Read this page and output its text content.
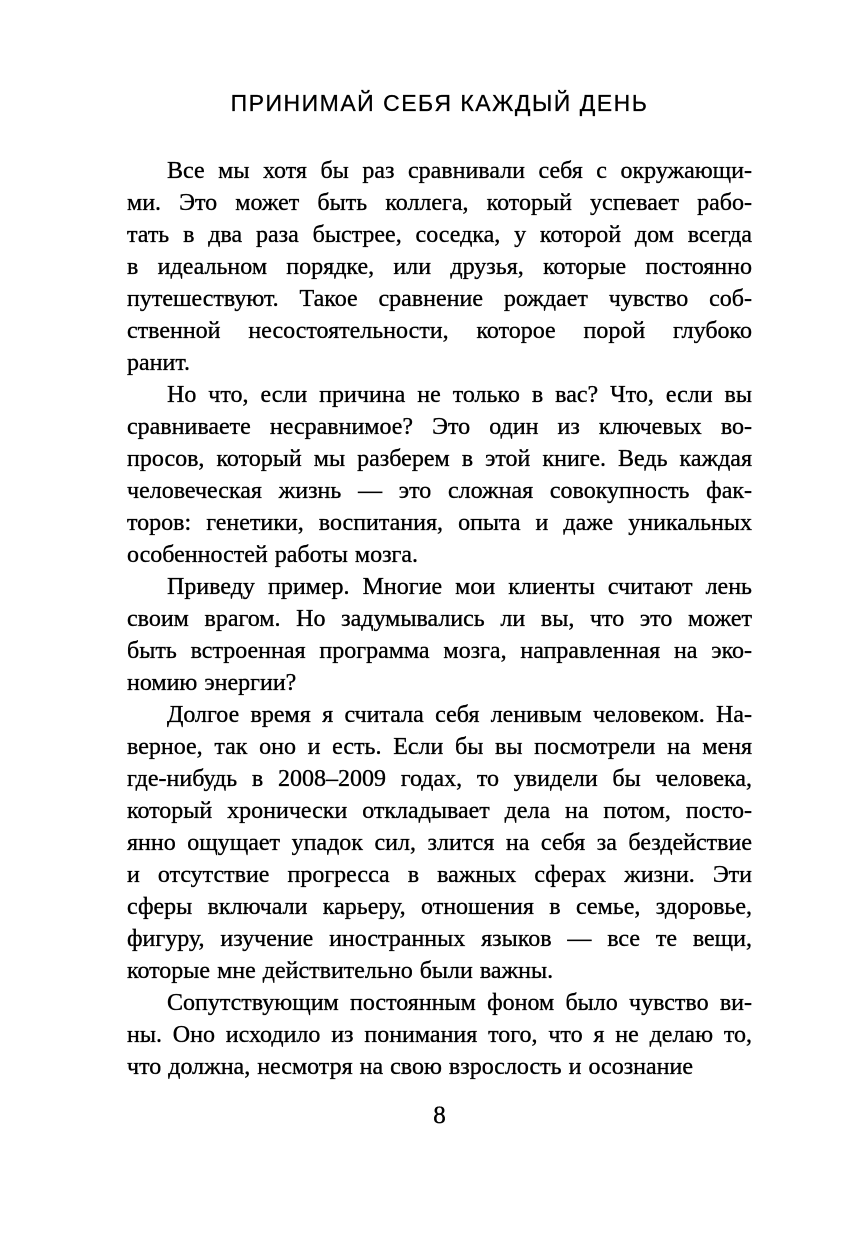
ПРИНИМАЙ СЕБЯ КАЖДЫЙ ДЕНЬ
Все мы хотя бы раз сравнивали себя с окружающи-
ми. Это может быть коллега, который успевает рабо-
тать в два раза быстрее, соседка, у которой дом всегда
в идеальном порядке, или друзья, которые постоянно
путешествуют. Такое сравнение рождает чувство соб-
ственной несостоятельности, которое порой глубоко
ранит.
Но что, если причина не только в вас? Что, если вы
сравниваете несравнимое? Это один из ключевых во-
просов, который мы разберем в этой книге. Ведь каждая
человеческая жизнь — это сложная совокупность фак-
торов: генетики, воспитания, опыта и даже уникальных
особенностей работы мозга.
Приведу пример. Многие мои клиенты считают лень
своим врагом. Но задумывались ли вы, что это может
быть встроенная программа мозга, направленная на эко-
номию энергии?
Долгое время я считала себя ленивым человеком. На-
верное, так оно и есть. Если бы вы посмотрели на меня
где-нибудь в 2008–2009 годах, то увидели бы человека,
который хронически откладывает дела на потом, посто-
янно ощущает упадок сил, злится на себя за бездействие
и отсутствие прогресса в важных сферах жизни. Эти
сферы включали карьеру, отношения в семье, здоровье,
фигуру, изучение иностранных языков — все те вещи,
которые мне действительно были важны.
Сопутствующим постоянным фоном было чувство ви-
ны. Оно исходило из понимания того, что я не делаю то,
что должна, несмотря на свою взрослость и осознание
8
